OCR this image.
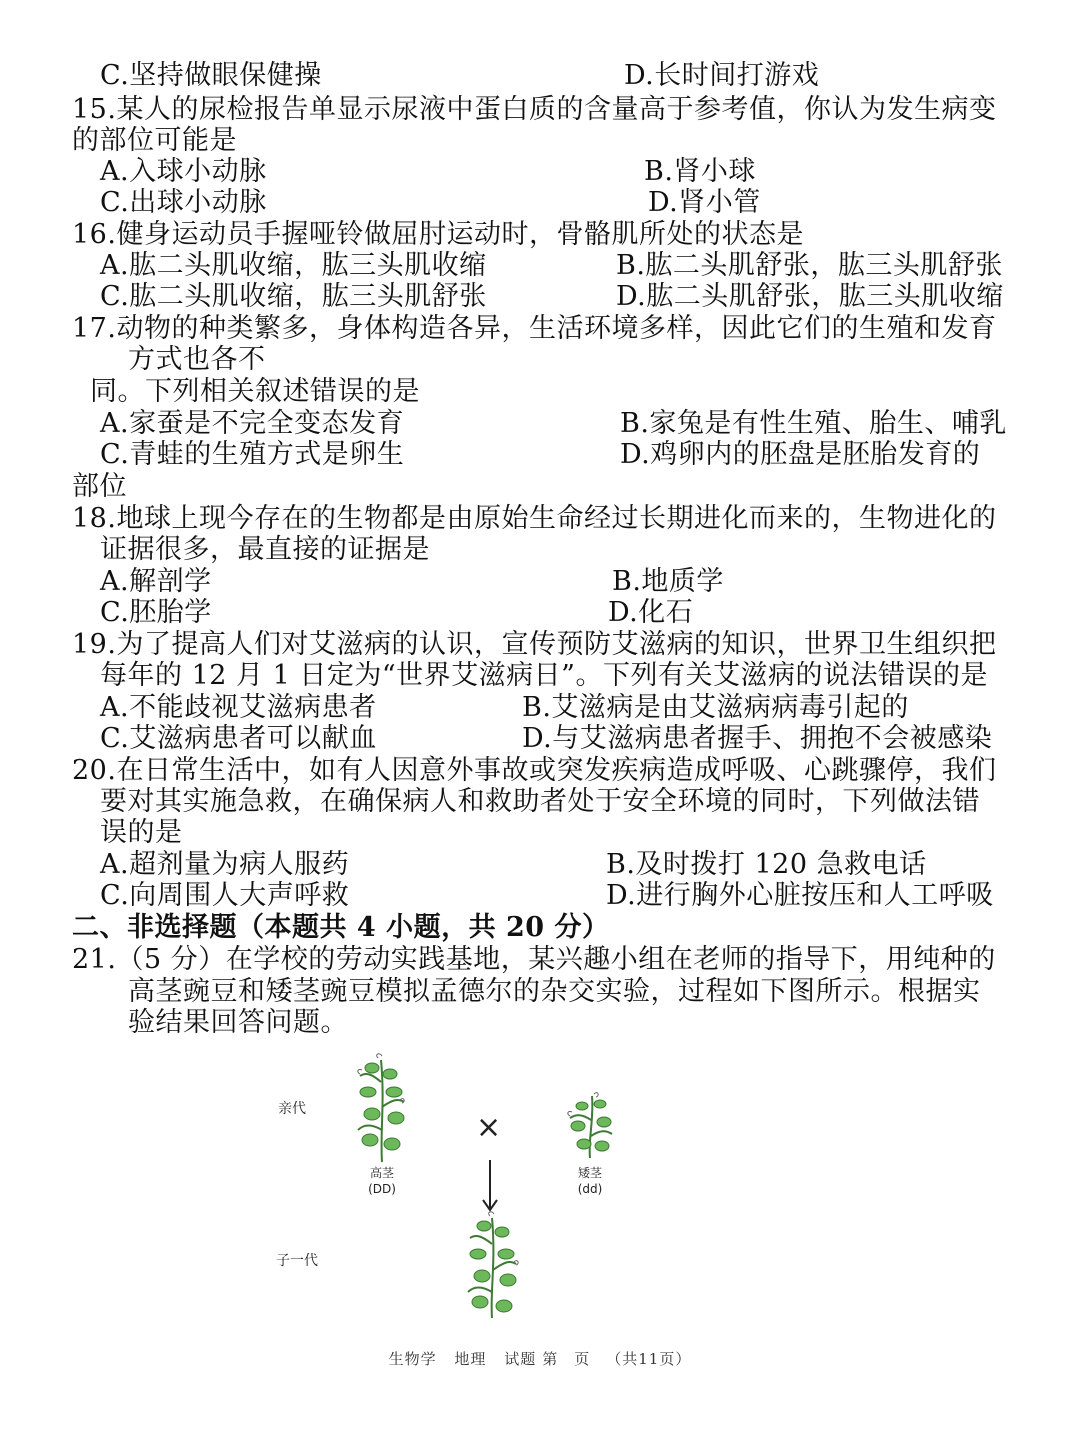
C.坚持做眼保健操	D.长时间打游戏
15.某人的尿检报告单显示尿液中蛋白质的含量高于参考值，你认为发生病变
的部位可能是
A.入球小动脉	B.肾小球
C.出球小动脉	D.肾小管
16.健身运动员手握哑铃做屈肘运动时，骨骼肌所处的状态是
A.肱二头肌收缩，肱三头肌收缩	B.肱二头肌舒张，肱三头肌舒张
C.肱二头肌收缩，肱三头肌舒张	D.肱二头肌舒张，肱三头肌收缩
17.动物的种类繁多，身体构造各异，生活环境多样，因此它们的生殖和发育
方式也各不
同。下列相关叙述错误的是
A.家蚕是不完全变态发育	B.家兔是有性生殖、胎生、哺乳
C.青蛙的生殖方式是卵生	D.鸡卵内的胚盘是胚胎发育的
部位
18.地球上现今存在的生物都是由原始生命经过长期进化而来的，生物进化的
证据很多，最直接的证据是
A.解剖学	B.地质学
C.胚胎学	D.化石
19.为了提高人们对艾滋病的认识，宣传预防艾滋病的知识，世界卫生组织把
每年的 12 月 1 日定为“世界艾滋病日”。下列有关艾滋病的说法错误的是
A.不能歧视艾滋病患者	B.艾滋病是由艾滋病病毒引起的
C.艾滋病患者可以献血	D.与艾滋病患者握手、拥抱不会被感染
20.在日常生活中，如有人因意外事故或突发疾病造成呼吸、心跳骤停，我们
要对其实施急救，在确保病人和救助者处于安全环境的同时，下列做法错
误的是
A.超剂量为病人服药	B.及时拨打 120 急救电话
C.向周围人大声呼救	D.进行胸外心脏按压和人工呼吸
二、非选择题（本题共 4 小题，共 20 分）
21.（5 分）在学校的劳动实践基地，某兴趣小组在老师的指导下，用纯种的
高茎豌豆和矮茎豌豆模拟孟德尔的杂交实验，过程如下图所示。根据实
验结果回答问题。
亲代
子一代
高茎
(DD)
×
矮茎
(dd)
生物学 地理 试题 第 页 （共11页）
